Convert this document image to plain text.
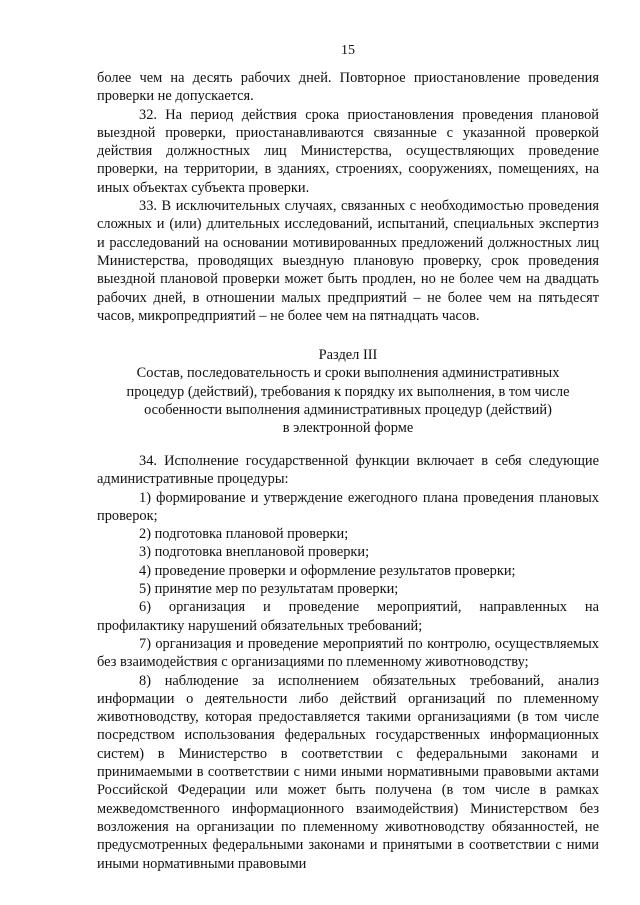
15

более чем на десять рабочих дней. Повторное приостановление проведения проверки не допускается.

32. На период действия срока приостановления проведения плановой выездной проверки, приостанавливаются связанные с указанной проверкой действия должностных лиц Министерства, осуществляющих проведение проверки, на территории, в зданиях, строениях, сооружениях, помещениях, на иных объектах субъекта проверки.

33. В исключительных случаях, связанных с необходимостью проведения сложных и (или) длительных исследований, испытаний, специальных экспертиз и расследований на основании мотивированных предложений должностных лиц Министерства, проводящих выездную плановую проверку, срок проведения выездной плановой проверки может быть продлен, но не более чем на двадцать рабочих дней, в отношении малых предприятий – не более чем на пятьдесят часов, микропредприятий – не более чем на пятнадцать часов.

Раздел III
Состав, последовательность и сроки выполнения административных
процедур (действий), требования к порядку их выполнения, в том числе
особенности выполнения административных процедур (действий)
в электронной форме

34. Исполнение государственной функции включает в себя следующие административные процедуры:

1) формирование и утверждение ежегодного плана проведения плановых проверок;

2) подготовка плановой проверки;

3) подготовка внеплановой проверки;

4) проведение проверки и оформление результатов проверки;

5) принятие мер по результатам проверки;

6) организация и проведение мероприятий, направленных на профилактику нарушений обязательных требований;

7) организация и проведение мероприятий по контролю, осуществляемых без взаимодействия с организациями по племенному животноводству;

8) наблюдение за исполнением обязательных требований, анализ информации о деятельности либо действий организаций по племенному животноводству, которая предоставляется такими организациями (в том числе посредством использования федеральных государственных информационных систем) в Министерство в соответствии с федеральными законами и принимаемыми в соответствии с ними иными нормативными правовыми актами Российской Федерации или может быть получена (в том числе в рамках межведомственного информационного взаимодействия) Министерством без возложения на организации по племенному животноводству обязанностей, не предусмотренных федеральными законами и принятыми в соответствии с ними иными нормативными правовыми
